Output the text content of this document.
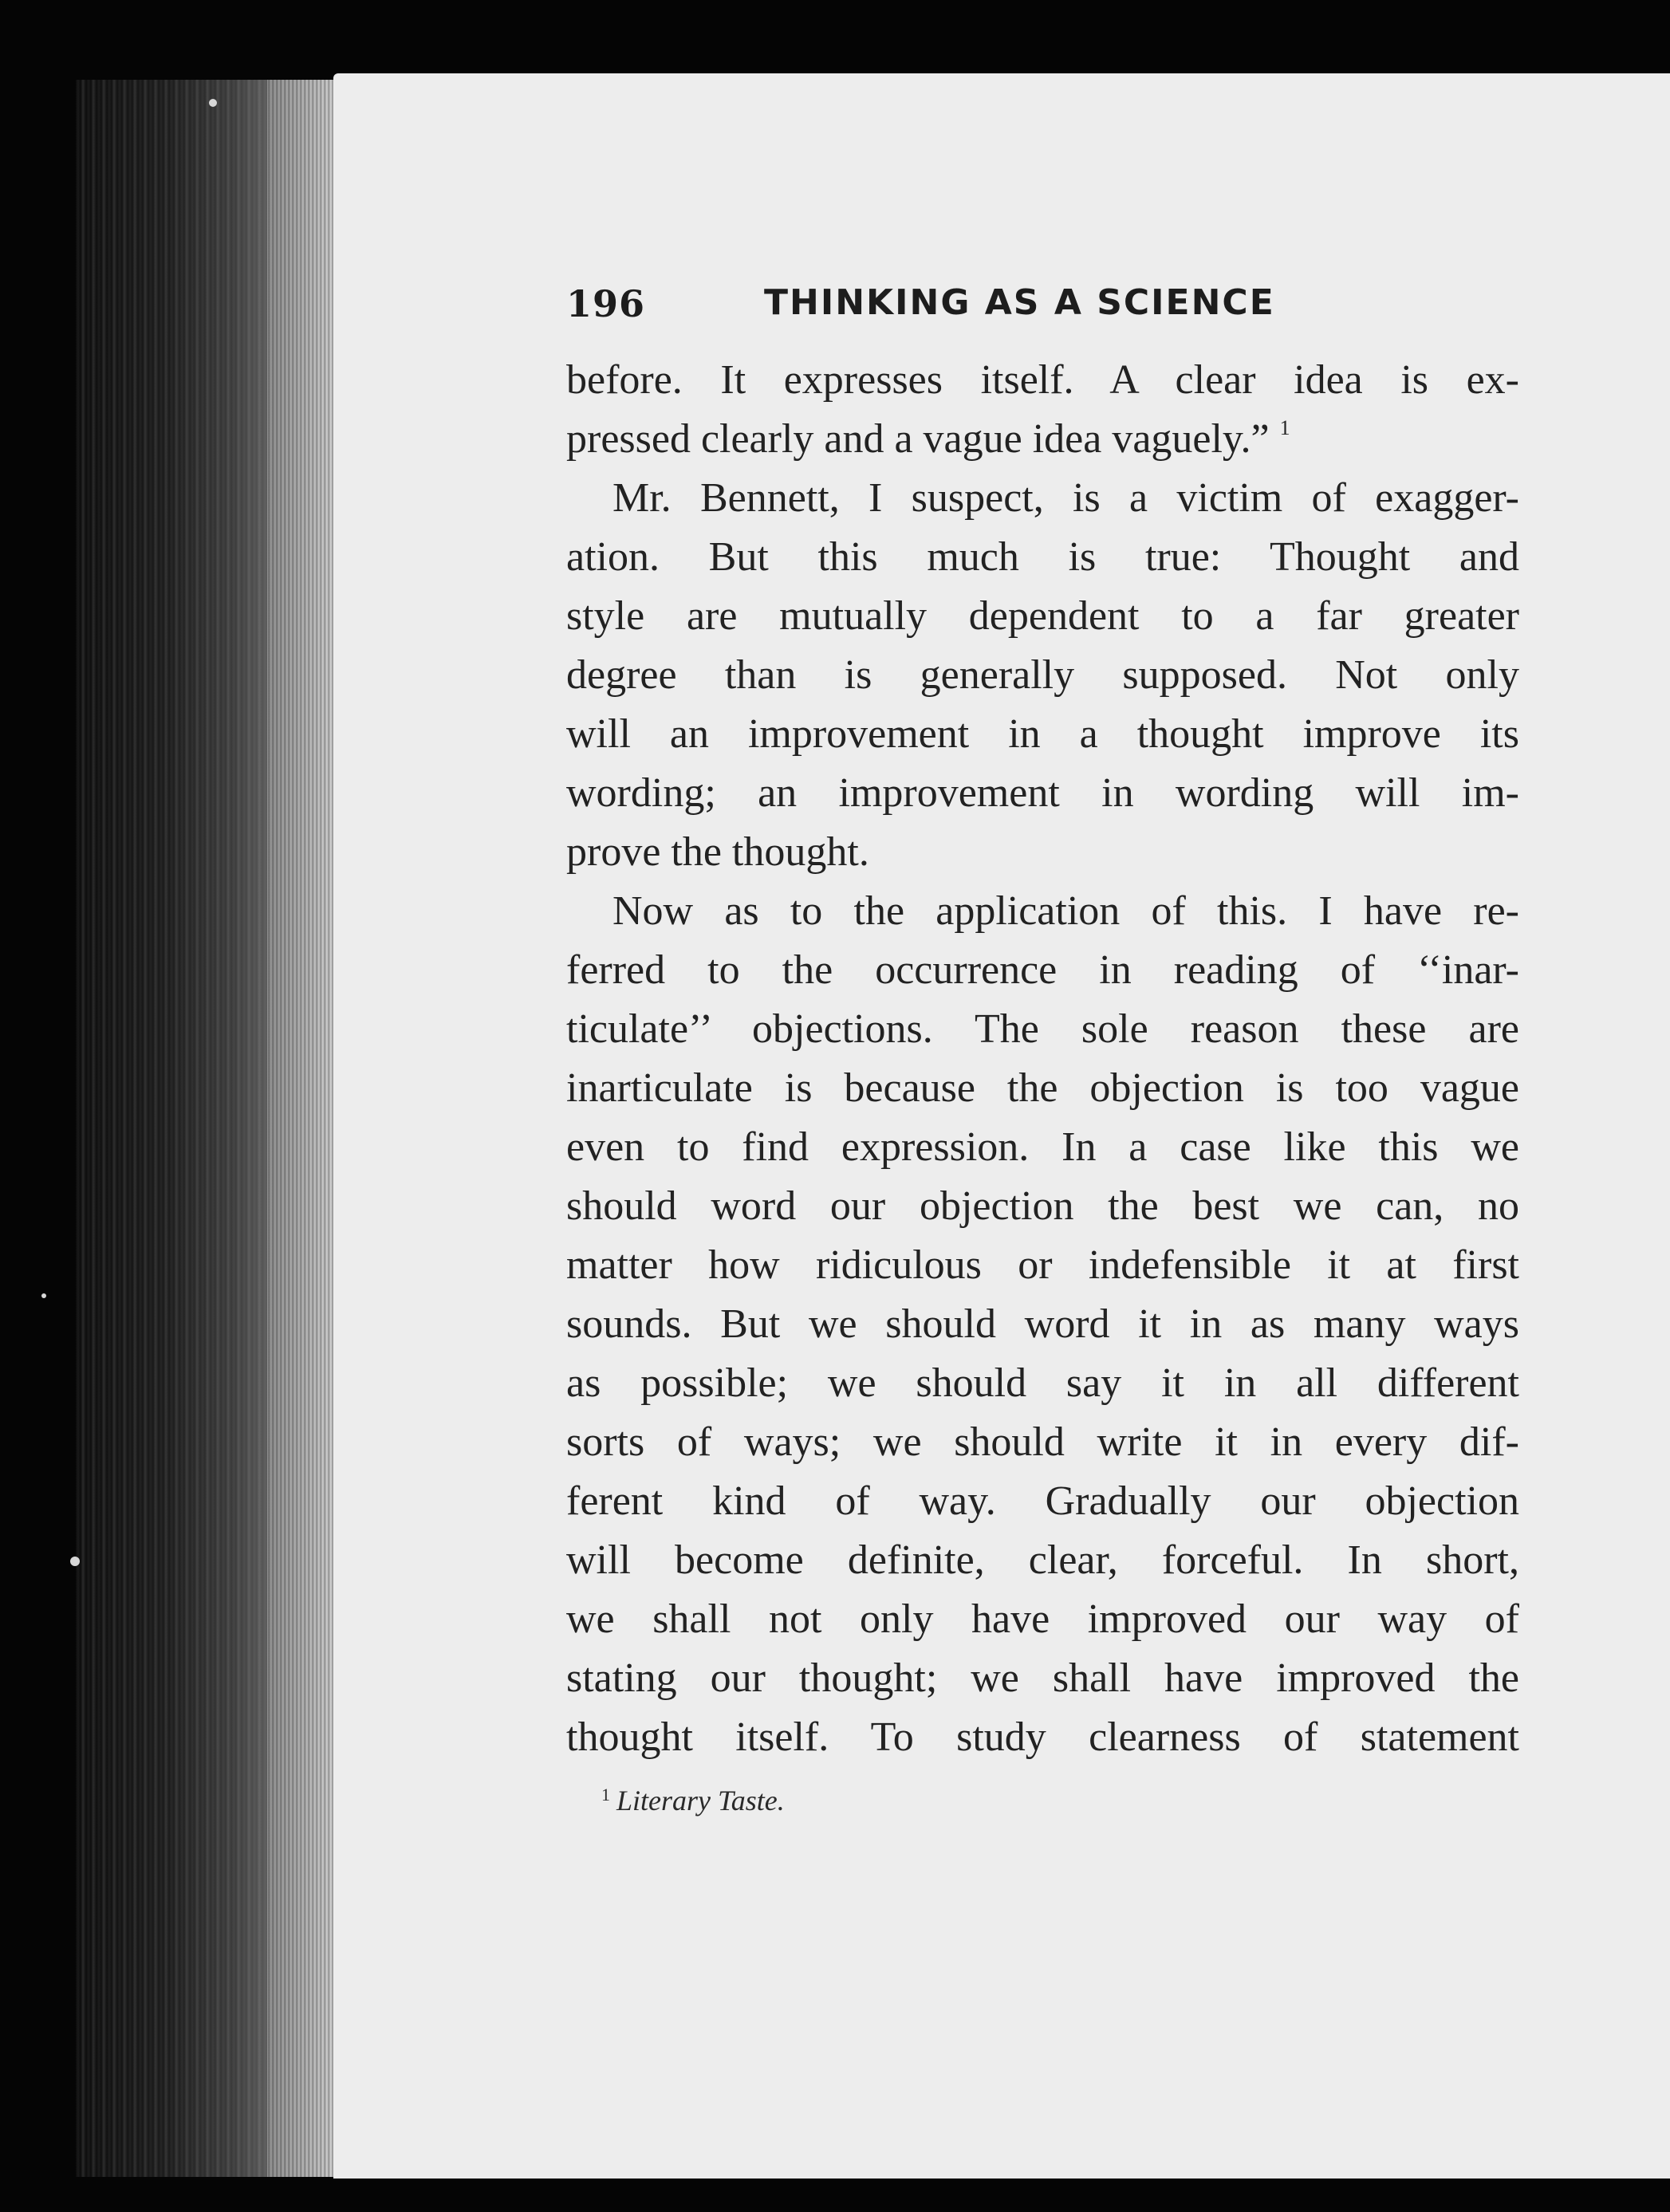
196	THINKING AS A SCIENCE
before. It expresses itself. A clear idea is ex-
pressed clearly and a vague idea vaguely.” $^1$
Mr. Bennett, I suspect, is a victim of exagger-
ation. But this much is true: Thought and
style are mutually dependent to a far greater
degree than is generally supposed. Not only
will an improvement in a thought improve its
wording; an improvement in wording will im-
prove the thought.
Now as to the application of this. I have re-
ferred to the occurrence in reading of ‘‘inar-
ticulate’’ objections. The sole reason these are
inarticulate is because the objection is too vague
even to find expression. In a case like this we
should word our objection the best we can, no
matter how ridiculous or indefensible it at first
sounds. But we should word it in as many ways
as possible; we should say it in all different
sorts of ways; we should write it in every dif-
ferent kind of way. Gradually our objection
will become definite, clear, forceful. In short,
we shall not only have improved our way of
stating our thought; we shall have improved the
thought itself. To study clearness of statement
$^1$ Literary Taste.
